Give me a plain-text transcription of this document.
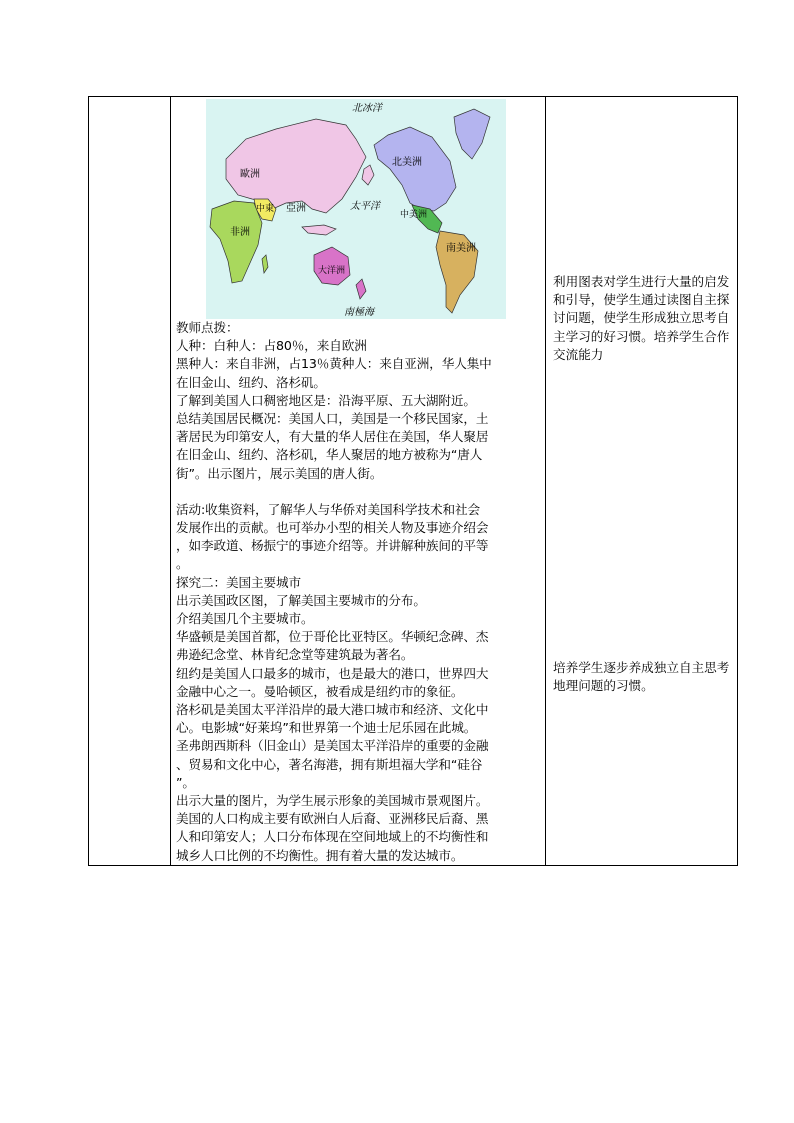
北冰洋
歐洲
亞洲
中東
非洲
大洋洲
太平洋
北美洲
中美洲
南美洲
南極海

教师点拨：

人种：白种人：占80％，来自欧洲

黑种人：来自非洲，占13％黄种人：来自亚洲，华人集中

在旧金山、纽约、洛杉矶。

了解到美国人口稠密地区是：沿海平原、五大湖附近。

总结美国居民概况：美国人口，美国是一个移民国家，土

著居民为印第安人，有大量的华人居住在美国，华人聚居

在旧金山、纽约、洛杉矶，华人聚居的地方被称为“唐人

街”。出示图片，展示美国的唐人街。

活动:收集资料，了解华人与华侨对美国科学技术和社会

发展作出的贡献。也可举办小型的相关人物及事迹介绍会

，如李政道、杨振宁的事迹介绍等。并讲解种族间的平等

。

探究二：美国主要城市

出示美国政区图，了解美国主要城市的分布。

介绍美国几个主要城市。

华盛顿是美国首都，位于哥伦比亚特区。华顿纪念碑、杰

弗逊纪念堂、林肯纪念堂等建筑最为著名。

纽约是美国人口最多的城市，也是最大的港口，世界四大

金融中心之一。曼哈顿区，被看成是纽约市的象征。

洛杉矶是美国太平洋沿岸的最大港口城市和经济、文化中

心。电影城“好莱坞”和世界第一个迪士尼乐园在此城。

圣弗朗西斯科（旧金山）是美国太平洋沿岸的重要的金融

、贸易和文化中心，著名海港，拥有斯坦福大学和“硅谷

”。

出示大量的图片，为学生展示形象的美国城市景观图片。

美国的人口构成主要有欧洲白人后裔、亚洲移民后裔、黑

人和印第安人；人口分布体现在空间地域上的不均衡性和

城乡人口比例的不均衡性。拥有着大量的发达城市。

利用图表对学生进行大量的启发和引导，使学生通过读图自主探讨问题，使学生形成独立思考自主学习的好习惯。培养学生合作交流能力

培养学生逐步养成独立自主思考地理问题的习惯。
